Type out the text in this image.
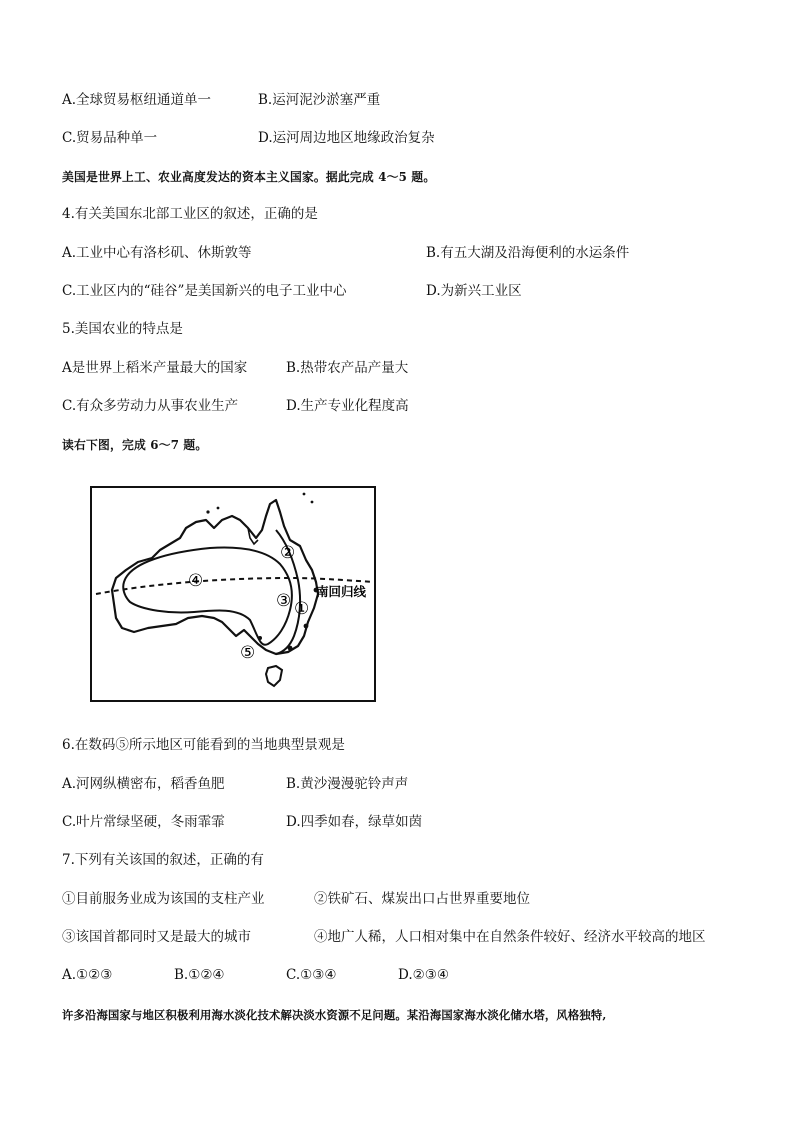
A.全球贸易枢纽通道单一	B.运河泥沙淤塞严重
C.贸易品种单一	D.运河周边地区地缘政治复杂
美国是世界上工、农业高度发达的资本主义国家。据此完成 4～5 题。
4.有关美国东北部工业区的叙述，正确的是
A.工业中心有洛杉矶、休斯敦等	B.有五大湖及沿海便利的水运条件
C.工业区内的“硅谷”是美国新兴的电子工业中心	D.为新兴工业区
5.美国农业的特点是
A是世界上稻米产量最大的国家	B.热带农产品产量大
C.有众多劳动力从事农业生产	D.生产专业化程度高
读右下图，完成 6～7 题。
④
③ ①
②
⑤
南回归线
6.在数码⑤所示地区可能看到的当地典型景观是
A.河网纵横密布，稻香鱼肥	B.黄沙漫漫驼铃声声
C.叶片常绿坚硬，冬雨霏霏	D.四季如春，绿草如茵
7.下列有关该国的叙述，正确的有
①目前服务业成为该国的支柱产业	②铁矿石、煤炭出口占世界重要地位
③该国首都同时又是最大的城市	④地广人稀，人口相对集中在自然条件较好、经济水平较高的地区
A.①②③	B.①②④	C.①③④	D.②③④
许多沿海国家与地区积极利用海水淡化技术解决淡水资源不足问题。某沿海国家海水淡化储水塔，风格独特,
